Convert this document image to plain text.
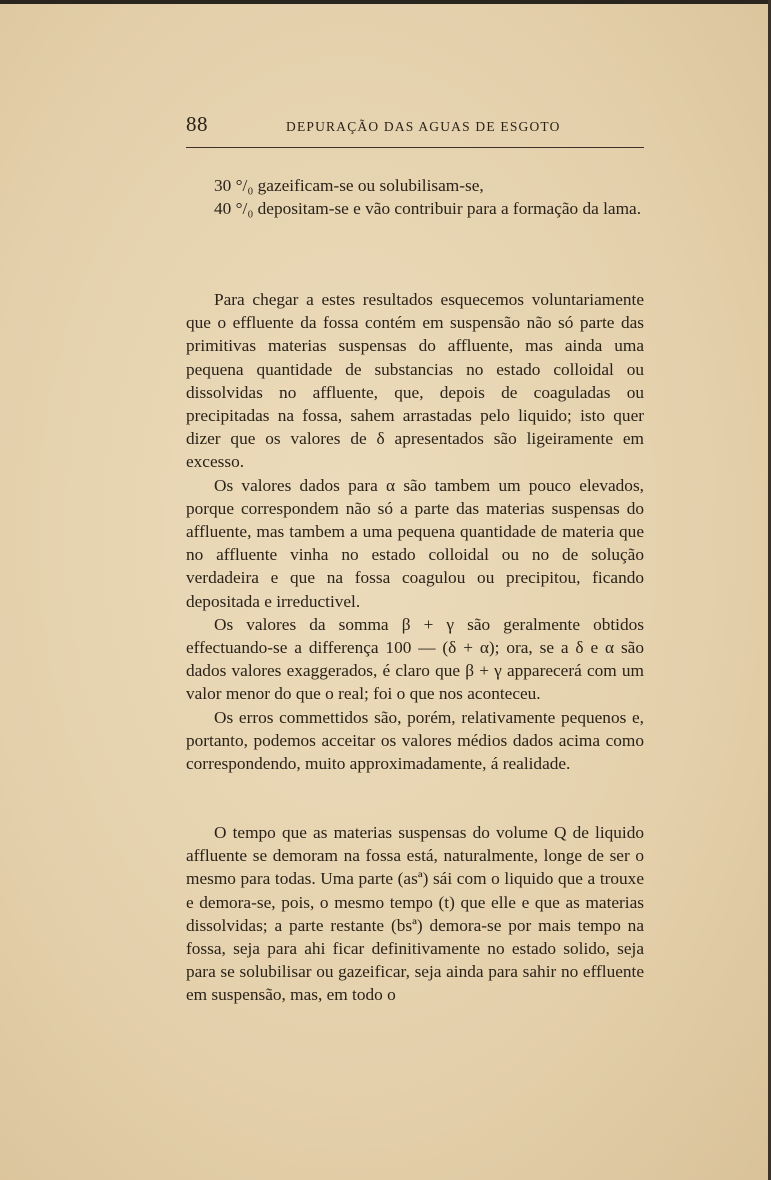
88	DEPURAÇÃO DAS AGUAS DE ESGOTO

30 °/₀ gazeificam-se ou solubilisam-se,

40 °/₀ depositam-se e vão contribuir para a formação da lama.

Para chegar a estes resultados esquecemos voluntariamente que o effluente da fossa contém em suspensão não só parte das primitivas materias suspensas do affluente, mas ainda uma pequena quantidade de substancias no estado colloidal ou dissolvidas no affluente, que, depois de coaguladas ou precipitadas na fossa, sahem arrastadas pelo liquido; isto quer dizer que os valores de δ apresentados são ligeiramente em excesso.

Os valores dados para α são tambem um pouco elevados, porque correspondem não só a parte das materias suspensas do affluente, mas tambem a uma pequena quantidade de materia que no affluente vinha no estado colloidal ou no de solução verdadeira e que na fossa coagulou ou precipitou, ficando depositada e irreductivel.

Os valores da somma β + γ são geralmente obtidos effectuando-se a differença 100 — (δ + α); ora, se a δ e α são dados valores exaggerados, é claro que β + γ apparecerá com um valor menor do que o real; foi o que nos aconteceu.

Os erros commettidos são, porém, relativamente pequenos e, portanto, podemos acceitar os valores médios dados acima como correspondendo, muito approximadamente, á realidade.

O tempo que as materias suspensas do volume Q de liquido affluente se demoram na fossa está, naturalmente, longe de ser o mesmo para todas. Uma parte (asª) sái com o liquido que a trouxe e demora-se, pois, o mesmo tempo (t) que elle e que as materias dissolvidas; a parte restante (bsª) demora-se por mais tempo na fossa, seja para ahi ficar definitivamente no estado solido, seja para se solubilisar ou gazeificar, seja ainda para sahir no effluente em suspensão, mas, em todo o
